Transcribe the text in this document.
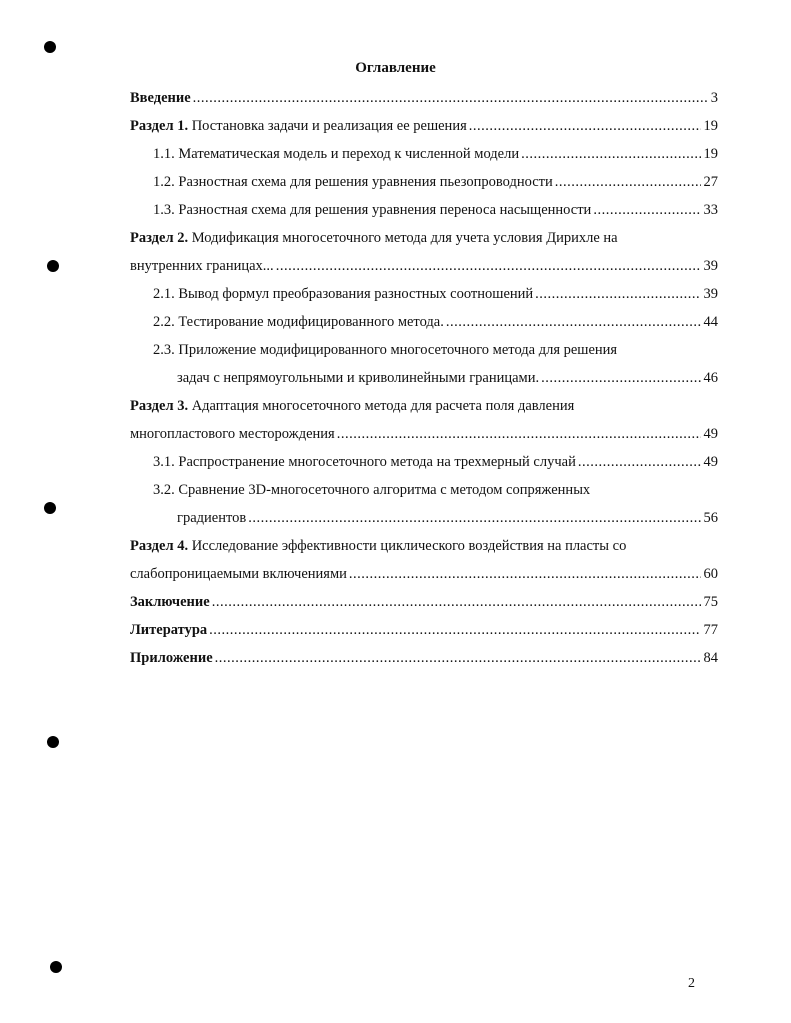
Оглавление
Введение .....	3
Раздел 1. Постановка задачи и реализация ее решения .....	19
1.1. Математическая модель и переход к численной модели .....	19
1.2. Разностная схема для решения уравнения пьезопроводности .....	27
1.3. Разностная схема для решения уравнения переноса насыщенности .....	33
Раздел 2. Модификация многосеточного метода для учета условия Дирихле на
внутренних границах... .....	39
2.1. Вывод формул преобразования разностных соотношений .....	39
2.2. Тестирование модифицированного метода. .....	44
2.3. Приложение модифицированного многосеточного метода для решения
задач с непрямоугольными и криволинейными границами. .....	46
Раздел 3. Адаптация многосеточного метода для расчета поля давления
многопластового месторождения .....	49
3.1. Распространение многосеточного метода на трехмерный случай .....	49
3.2. Сравнение 3D-многосеточного алгоритма с методом сопряженных
градиентов .....	56
Раздел 4. Исследование эффективности циклического воздействия на пласты со
слабопроницаемыми включениями .....	60
Заключение .....	75
Литература .....	77
Приложение .....	84
2
